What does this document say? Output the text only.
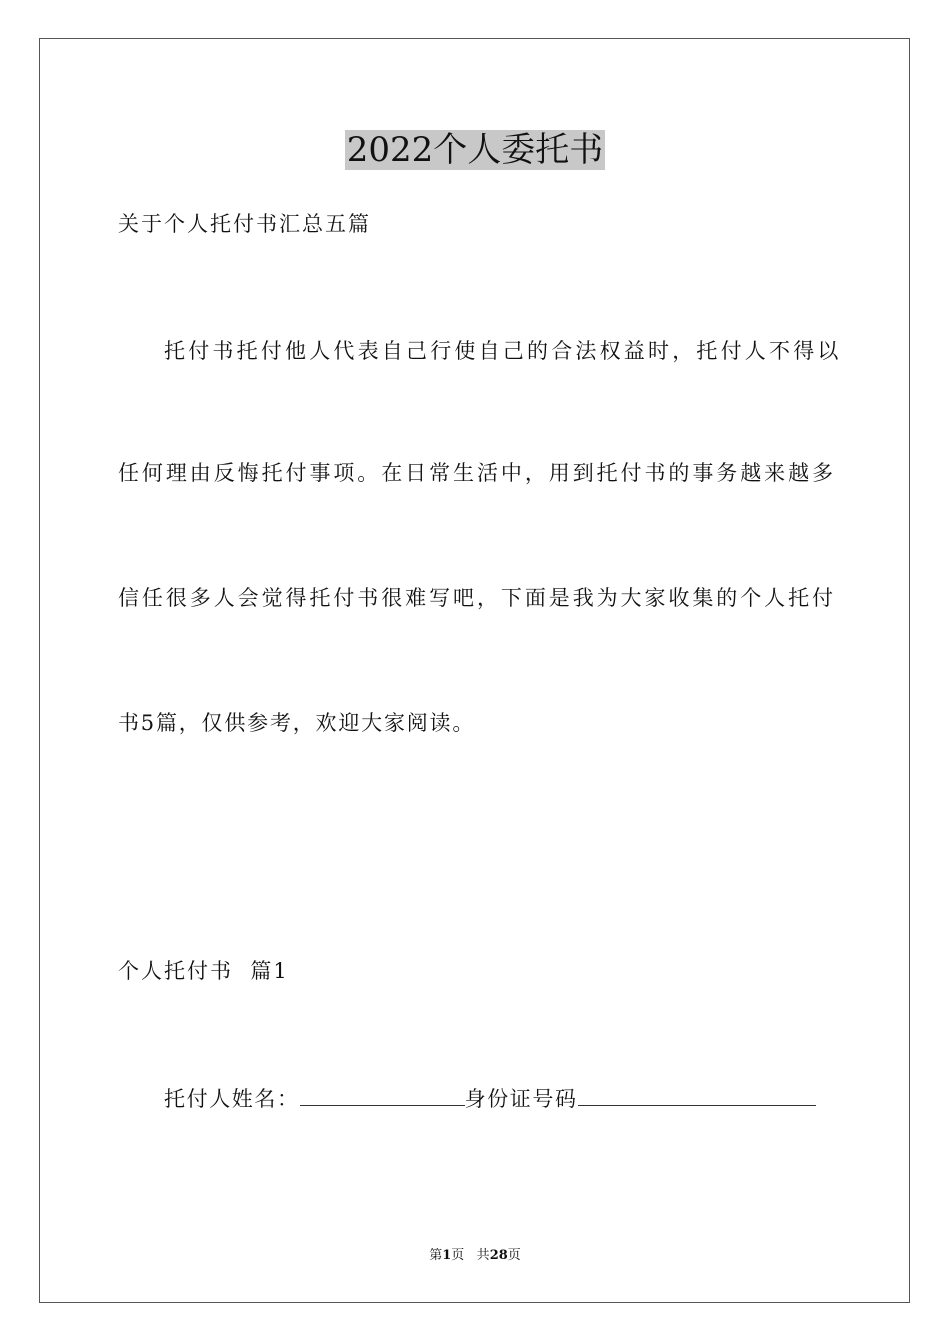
2022个人委托书
关于个人托付书汇总五篇
托付书托付他人代表自己行使自己的合法权益时，托付人不得以
任何理由反悔托付事项。在日常生活中，用到托付书的事务越来越多
信任很多人会觉得托付书很难写吧，下面是我为大家收集的个人托付
书5篇，仅供参考，欢迎大家阅读。
个人托付书  篇1
托付人姓名：	身份证号码
第1页 共28页
